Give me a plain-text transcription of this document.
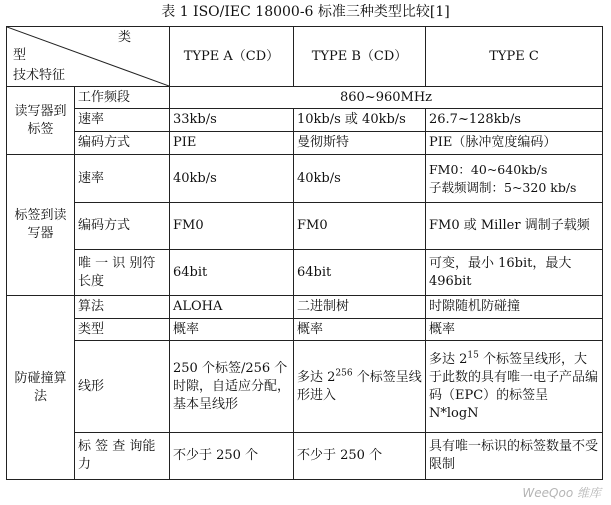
表 1 ISO/IEC 18000-6 标准三种类型比较[1]
类
型
技术特征		TYPE A（CD）	TYPE B（CD）	TYPE C
读写器到标签	工作频段	860~960MHz		
	速率	33kb/s	10kb/s 或 40kb/s	26.7~128kb/s
	编码方式	PIE	曼彻斯特	PIE（脉冲宽度编码）
标签到读写器	速率	40kb/s	40kb/s	FM0：40~640kb/s
子载频调制：5~320 kb/s

	编码方式	FM0	FM0	FM0 或 Miller 调制子载频
	唯 一 识 别符长度	64bit	64bit	可变，最小 16bit，最大 496bit
防碰撞算法	算法	ALOHA	二进制树	时隙随机防碰撞
	类型	概率	概率	概率
	线形	250 个标签/256 个时隙，自适应分配，基本呈线形	多达 $2^{256}$ 个标签呈线形进入	多达 $2^{15}$ 个标签呈线形，大于此数的具有唯一电子产品编码（EPC）的标签呈 N*logN
	标 签 查 询能力	不少于 250 个	不少于 250 个	具有唯一标识的标签数量不受限制
WeeQoo 维库
